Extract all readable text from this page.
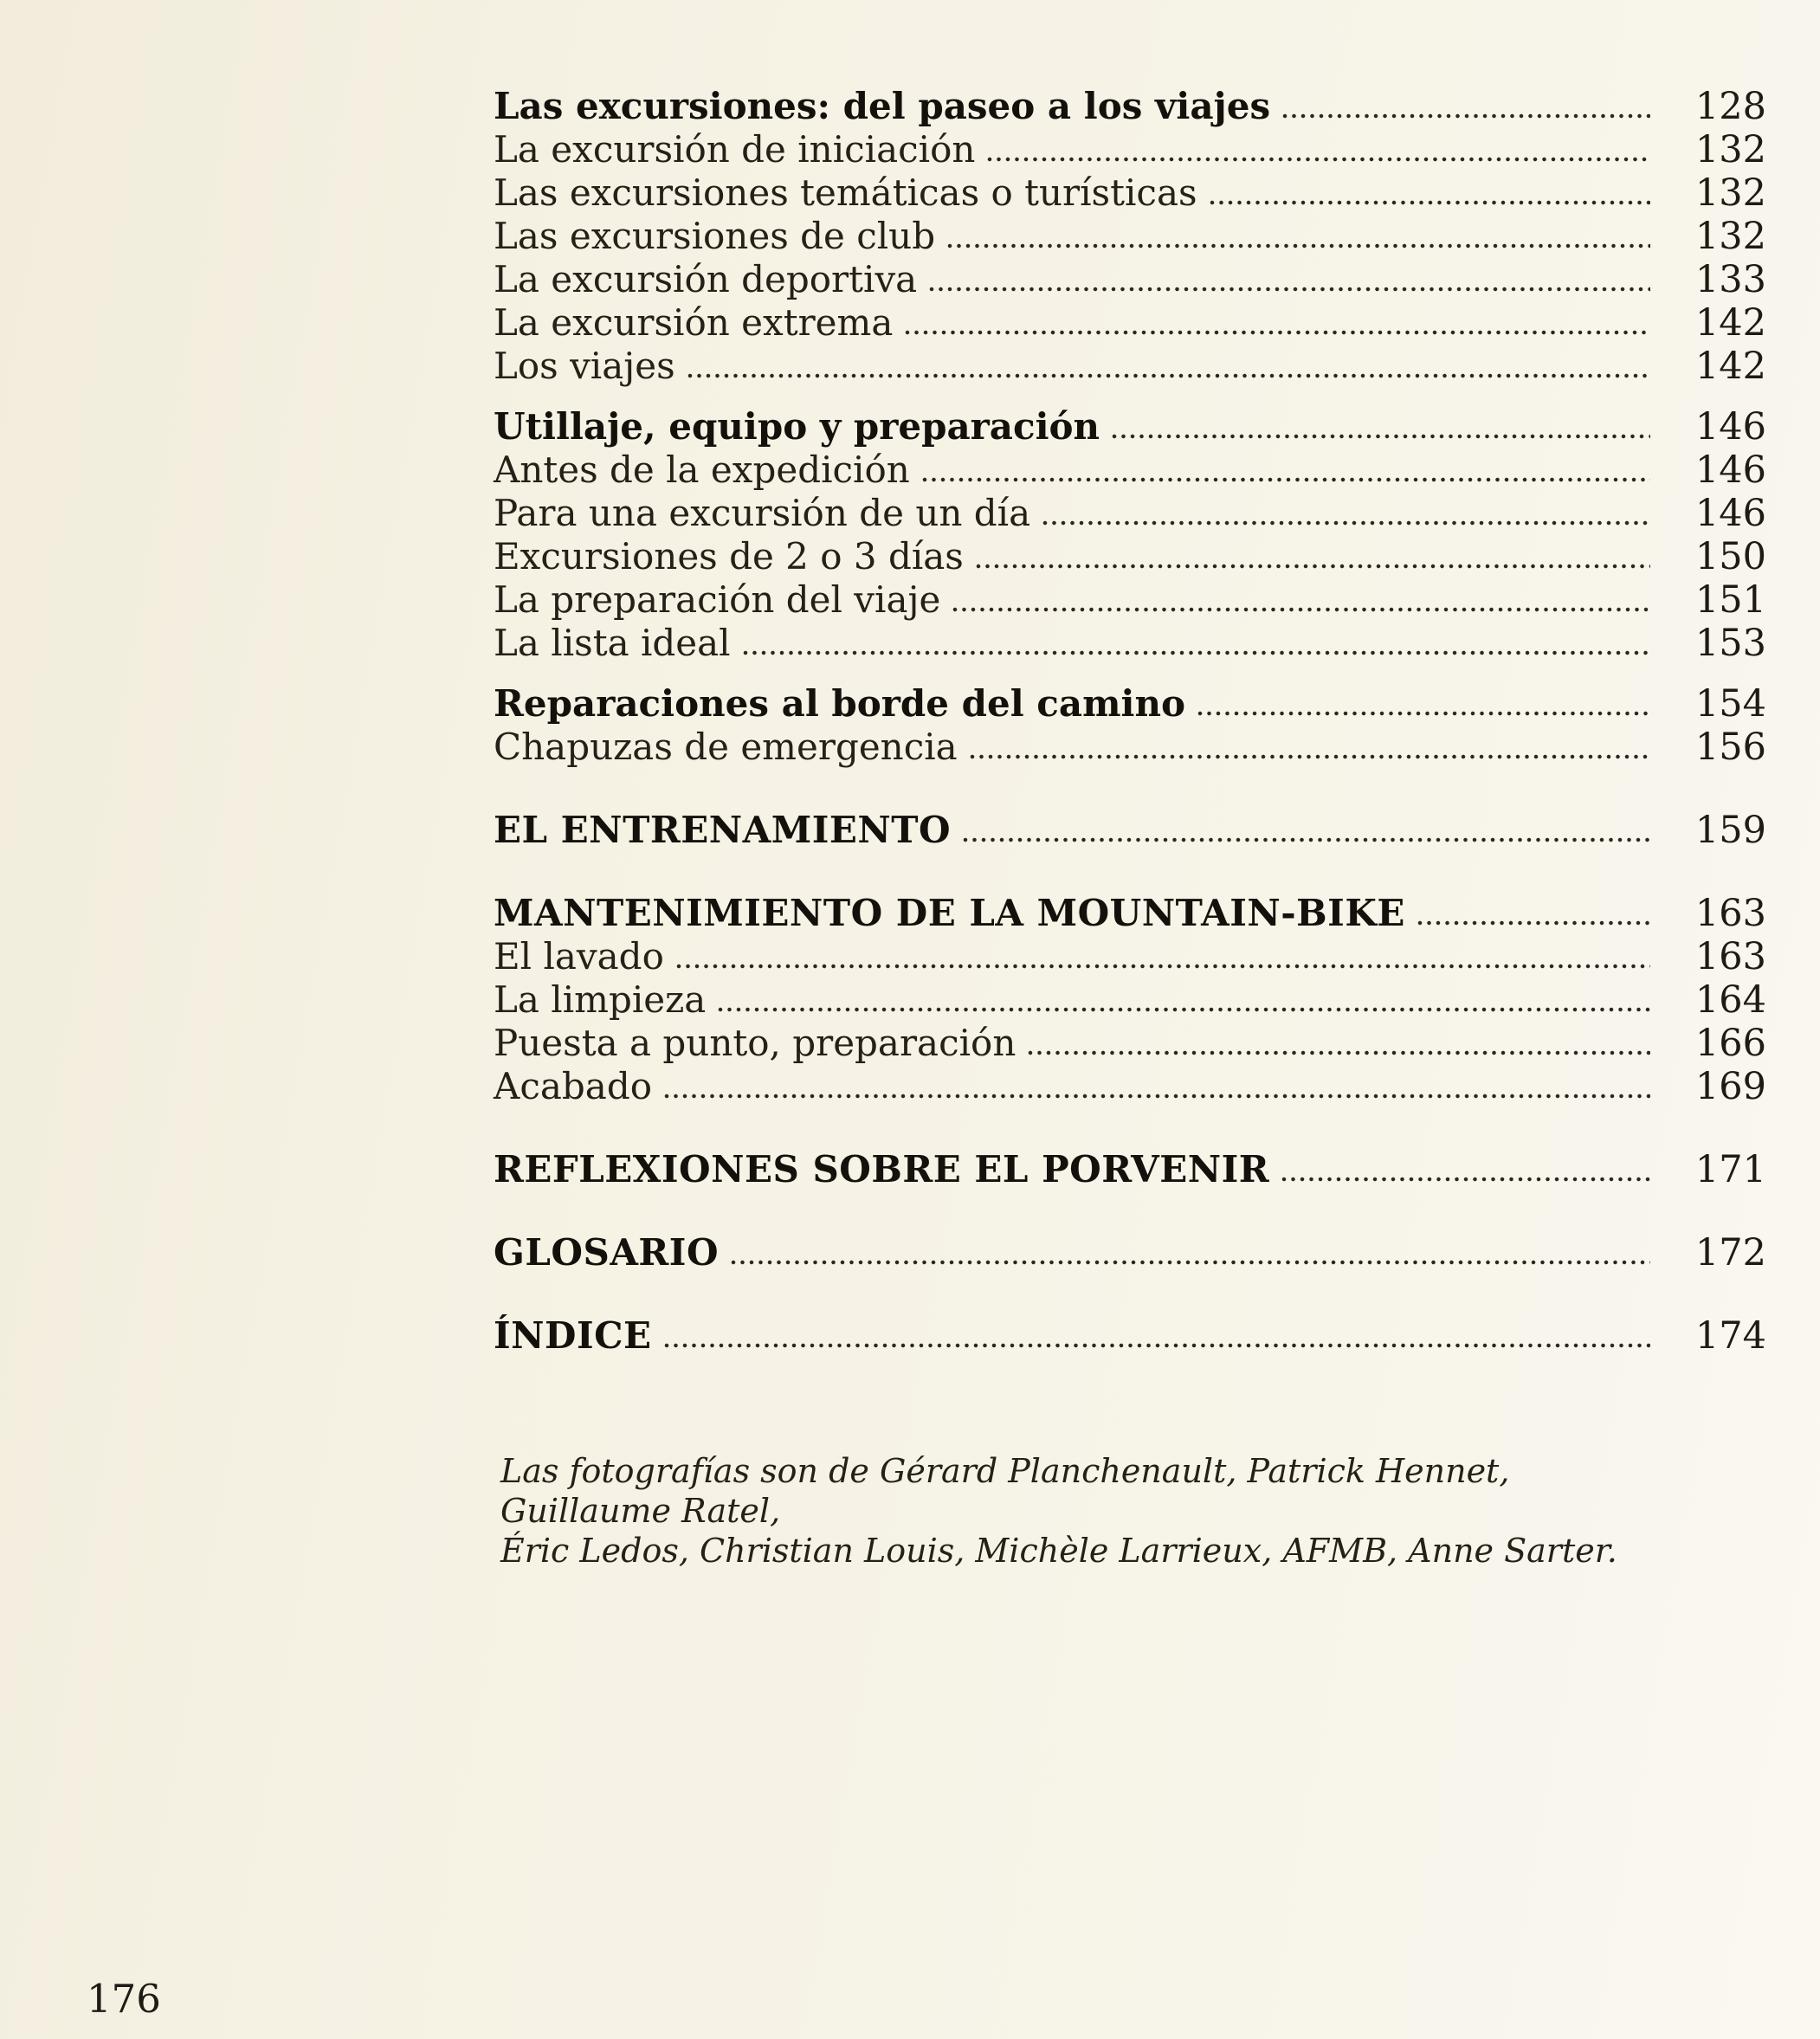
Las excursiones: del paseo a los viajes	128
La excursión de iniciación	132
Las excursiones temáticas o turísticas	132
Las excursiones de club	132
La excursión deportiva	133
La excursión extrema	142
Los viajes	142
Utillaje, equipo y preparación	146
Antes de la expedición	146
Para una excursión de un día	146
Excursiones de 2 o 3 días	150
La preparación del viaje	151
La lista ideal	153
Reparaciones al borde del camino	154
Chapuzas de emergencia	156
EL ENTRENAMIENTO	159
MANTENIMIENTO DE LA MOUNTAIN-BIKE	163
El lavado	163
La limpieza	164
Puesta a punto, preparación	166
Acabado	169
REFLEXIONES SOBRE EL PORVENIR	171
GLOSARIO	172
ÍNDICE	174
Las fotografías son de Gérard Planchenault, Patrick Hennet, Guillaume Ratel,
Éric Ledos, Christian Louis, Michèle Larrieux, AFMB, Anne Sarter.
176
